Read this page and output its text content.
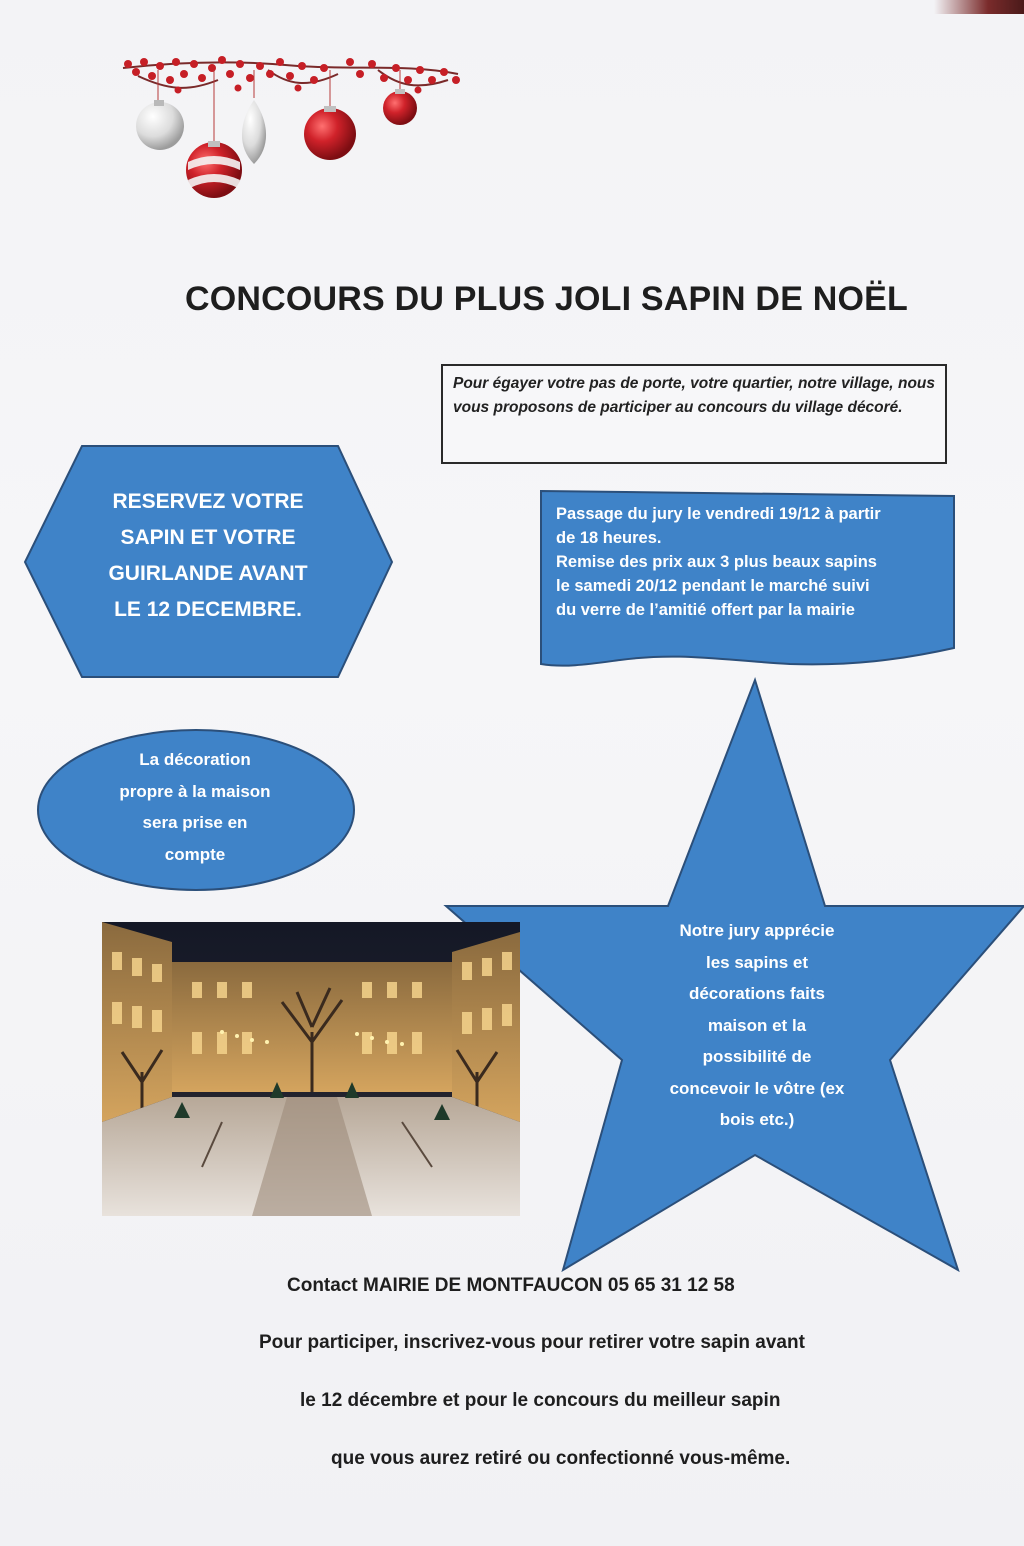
CONCOURS DU PLUS JOLI SAPIN DE NOËL
Pour égayer votre pas de porte, votre quartier, notre village, nous vous proposons de participer au concours du village décoré.
RESERVEZ VOTRE
SAPIN ET VOTRE
GUIRLANDE AVANT
LE 12 DECEMBRE.
Passage du jury le vendredi 19/12 à partir
de 18 heures.
Remise des prix aux 3 plus beaux sapins
le samedi 20/12 pendant le marché suivi
du verre de l’amitié offert par la mairie
La décoration
propre à la maison
sera prise en
compte
Notre jury apprécie
les sapins et
décorations faits
maison et la
possibilité de
concevoir le vôtre (ex
bois etc.)
Contact MAIRIE DE MONTFAUCON 05 65 31 12 58
Pour participer, inscrivez-vous pour retirer votre sapin avant
le 12 décembre et pour le concours du meilleur sapin
que vous aurez retiré ou confectionné vous-même.
